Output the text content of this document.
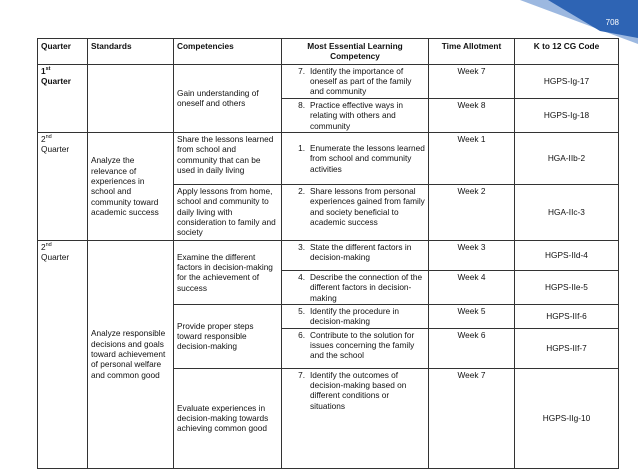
708
Quarter	Standards	Competencies	Most Essential Learning
Competency	Time Allotment	K to 12 CG Code

1st
Quarter		Gain understanding of oneself and others	7. Identify the importance of oneself as part of the family and community	Week 7	HGPS-Ig-17

			8. Practice effective ways in relating with others and community	Week 8	HGPS-Ig-18

2nd
Quarter	Analyze the relevance of experiences in school and community toward academic success	Share the lessons learned from school and community that can be used in daily living	1. Enumerate the lessons learned from school and community activities	Week 1	HGA-IIb-2
		Apply lessons from home, school and community to daily living with consideration to family and society	2. Share lessons from personal experiences gained from family and society beneficial to academic success	Week 2	HGA-IIc-3

2nd
Quarter	Analyze responsible decisions and goals toward achievement of personal welfare and common good	Examine the different factors in decision-making for the achievement of success	3. State the different factors in decision-making	Week 3	HGPS-IId-4

			4. Describe the connection of the different factors in decision-making	Week 4	HGPS-IIe-5
		Provide proper steps toward responsible decision-making	5. Identify the procedure in decision-making	Week 5	HGPS-IIf-6

			6. Contribute to the solution for issues concerning the family and the school	Week 6	HGPS-IIf-7
		Evaluate experiences in decision-making towards achieving common good	7. Identify the outcomes of decision-making based on different conditions or situations	Week 7	HGPS-IIg-10
